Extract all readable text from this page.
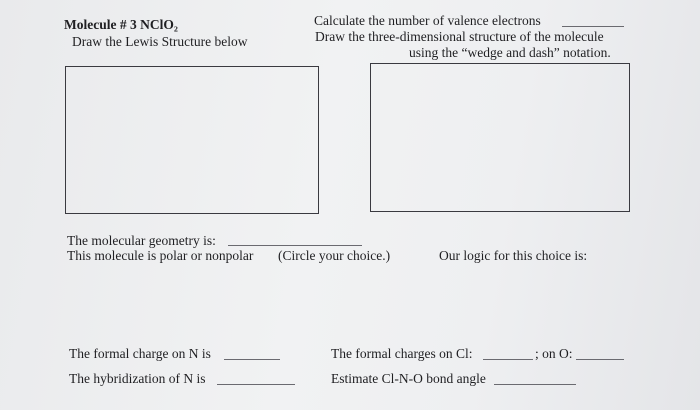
Molecule # 3 NClO₂
Draw the Lewis Structure below
Calculate the number of valence electrons
Draw the three-dimensional structure of the molecule
using the “wedge and dash” notation.
The molecular geometry is:
This molecule is polar or nonpolar (Circle your choice.)	Our logic for this choice is:
The formal charge on N is
The hybridization of N is
The formal charges on Cl:	; on O:
Estimate Cl-N-O bond angle
